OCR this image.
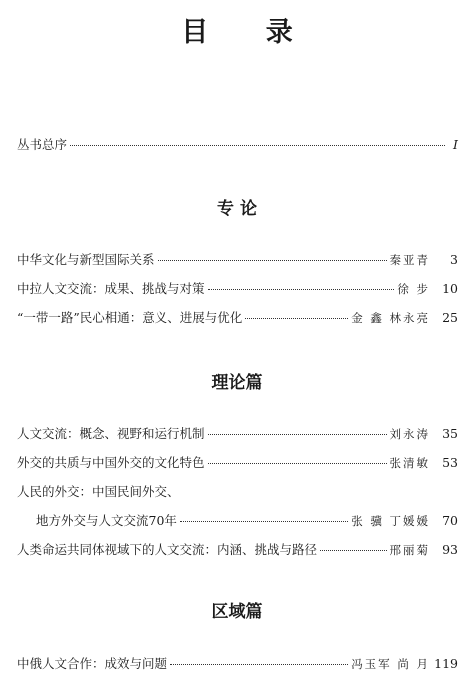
目 录
丛书总序	I
专 论
中华文化与新型国际关系	秦亚青	3
中拉人文交流：成果、挑战与对策	徐 步 10
“一带一路”民心相通：意义、进展与优化	金 鑫 林永亮 25
理论篇
人文交流：概念、视野和运行机制	刘永涛 35
外交的共质与中国外交的文化特色	张清敏 53
人民的外交：中国民间外交、
地方外交与人文交流70年	张 骥 丁媛媛 70
人类命运共同体视域下的人文交流：内涵、挑战与路径	邢丽菊 93
区域篇
中俄人文合作：成效与问题	冯玉军 尚 月 119
